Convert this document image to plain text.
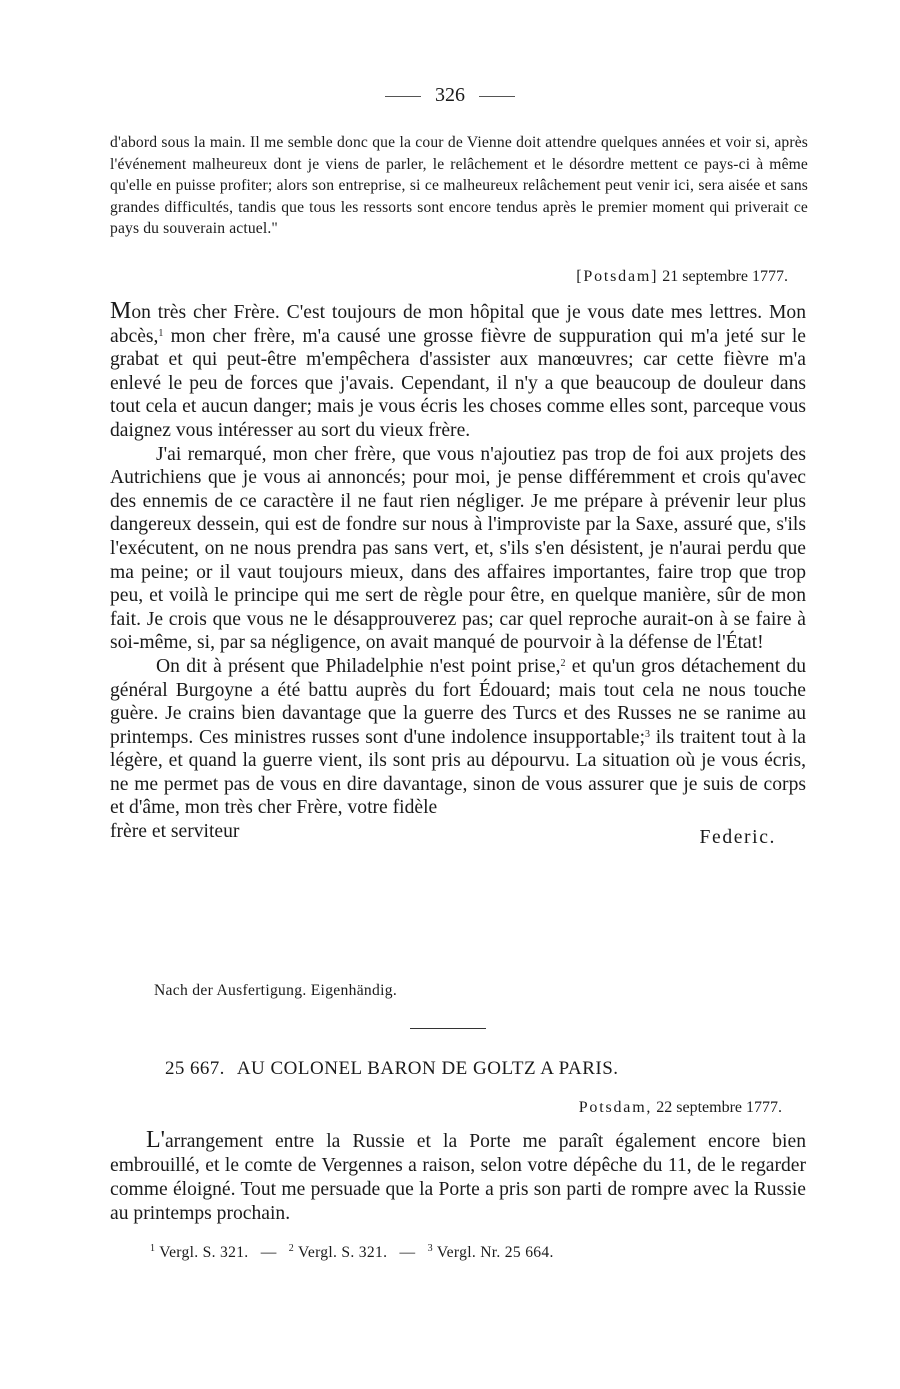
326
d'abord sous la main. Il me semble donc que la cour de Vienne doit attendre quelques années et voir si, après l'événement malheureux dont je viens de parler, le relâchement et le désordre mettent ce pays-ci à même qu'elle en puisse profiter; alors son entreprise, si ce malheureux relâchement peut venir ici, sera aisée et sans grandes difficultés, tandis que tous les ressorts sont encore tendus après le premier moment qui priverait ce pays du souverain actuel."
[Potsdam] 21 septembre 1777.

Mon très cher Frère. C'est toujours de mon hôpital que je vous date mes lettres. Mon abcès,$^1$ mon cher frère, m'a causé une grosse fièvre de suppuration qui m'a jeté sur le grabat et qui peut-être m'empêchera d'assister aux manœuvres; car cette fièvre m'a enlevé le peu de forces que j'avais. Cependant, il n'y a que beaucoup de douleur dans tout cela et aucun danger; mais je vous écris les choses comme elles sont, parceque vous daignez vous intéresser au sort du vieux frère.

J'ai remarqué, mon cher frère, que vous n'ajoutiez pas trop de foi aux projets des Autrichiens que je vous ai annoncés; pour moi, je pense différemment et crois qu'avec des ennemis de ce caractère il ne faut rien négliger. Je me prépare à prévenir leur plus dangereux dessein, qui est de fondre sur nous à l'improviste par la Saxe, assuré que, s'ils l'exécutent, on ne nous prendra pas sans vert, et, s'ils s'en désistent, je n'aurai perdu que ma peine; or il vaut toujours mieux, dans des affaires importantes, faire trop que trop peu, et voilà le principe qui me sert de règle pour être, en quelque manière, sûr de mon fait. Je crois que vous ne le désapprouverez pas; car quel reproche aurait-on à se faire à soi-même, si, par sa négligence, on avait manqué de pourvoir à la défense de l'État!

On dit à présent que Philadelphie n'est point prise,$^2$ et qu'un gros détachement du général Burgoyne a été battu auprès du fort Édouard; mais tout cela ne nous touche guère. Je crains bien davantage que la guerre des Turcs et des Russes ne se ranime au printemps. Ces ministres russes sont d'une indolence insupportable;$^3$ ils traitent tout à la légère, et quand la guerre vient, ils sont pris au dépourvu. La situation où je vous écris, ne me permet pas de vous en dire davantage, sinon de vous assurer que je suis de corps et d'âme, mon très cher Frère, votre fidèle

frère et serviteur	Federic.
Nach der Ausfertigung. Eigenhändig.
25 667. AU COLONEL BARON DE GOLTZ A PARIS.
Potsdam, 22 septembre 1777.

L'arrangement entre la Russie et la Porte me paraît également encore bien embrouillé, et le comte de Vergennes a raison, selon votre dépêche du 11, de le regarder comme éloigné. Tout me persuade que la Porte a pris son parti de rompre avec la Russie au printemps prochain.

$^1$ Vergl. S. 321. — $^2$ Vergl. S. 321. — $^3$ Vergl. Nr. 25 664.
